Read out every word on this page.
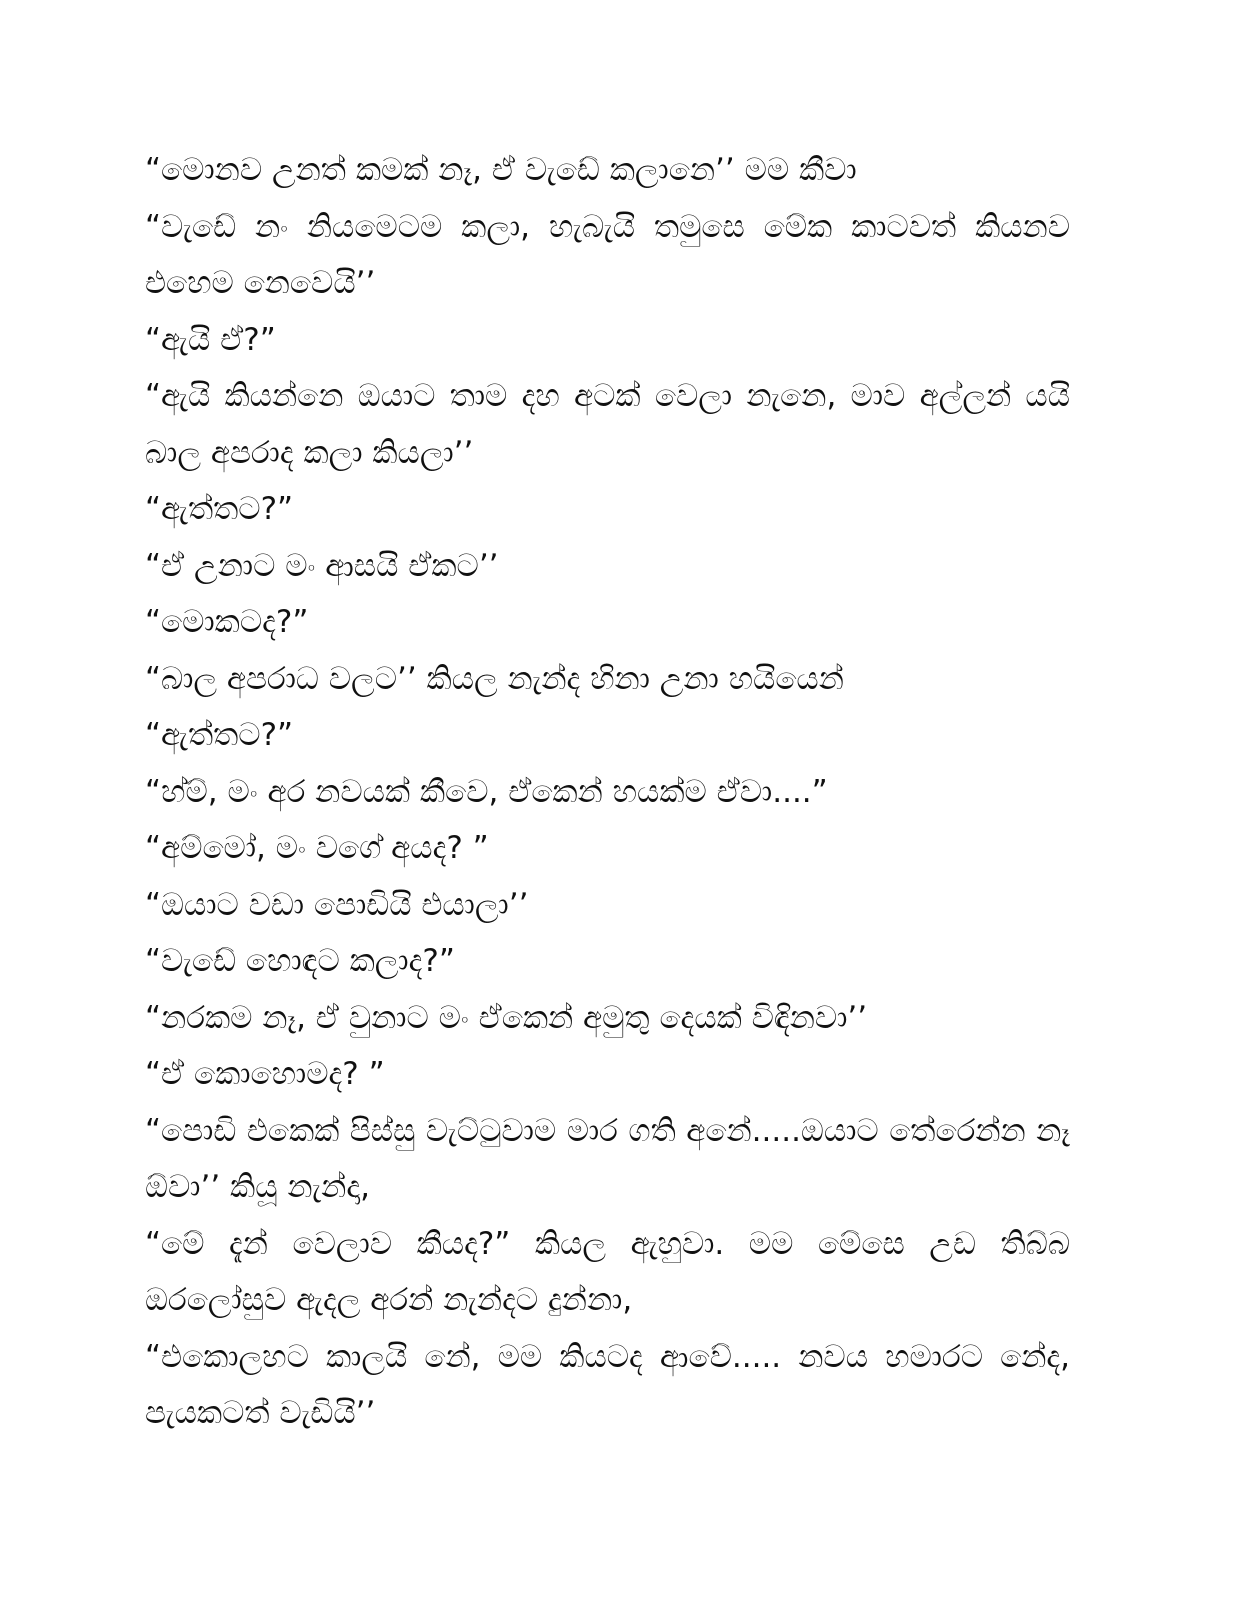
“මොනව උනත් කමක් නෑ, ඒ වැඩේ කලානෙ’’ මම කීවා

“වැඩේ නං නියමෙටම කලා, හැබැයි තමුසෙ මේක කාටවත් කියනව එහෙම නෙවෙයි’’

“ඇයි ඒ?”

“ඇයි කියන්නෙ ඔයාට තාම දහ අටක් වෙලා නැනෙ, මාව අල්ලන් යයි බාල අපරාද කලා කියලා’’

“ඇත්තට?”

“ඒ උනාට මං ආසයි ඒකට’’

“මොකටද?”

“බාල අපරාධ වලට’’ කියල නැන්ද හිනා උනා හයියෙන්

“ඇත්තට?”

“හ්ම්, මං අර නවයක් කීවෙ, ඒකෙන් හයක්ම ඒවා....”

“අම්මෝ, මං වගේ අයද? ”

“ඔයාට වඩා පොඩියි එයාලා’’

“වැඩේ හොඳට කලාද?”

“නරකම නෑ, ඒ වුනාට මං ඒකෙන් අමුතු දෙයක් විඳිනවා’’

“ඒ කොහොමද? ”

“පොඩි එකෙක් පිස්සු වැට්ටුවාම මාර ගති අනේ.....ඔයාට තේරෙන්න නෑ ඕවා’’ කියූ නැන්දා,

“මේ දැන් වෙලාව කීයද?” කියල ඇහුවා. මම මේසෙ උඩ තිබ්බ ඔරලෝසුව ඇදල අරන් නැන්දට දුන්නා,

“එකොලහට කාලයි නේ, මම කියටද ආවේ..... නවය හමාරට නේද, පැයකටත් වැඩියි’’
